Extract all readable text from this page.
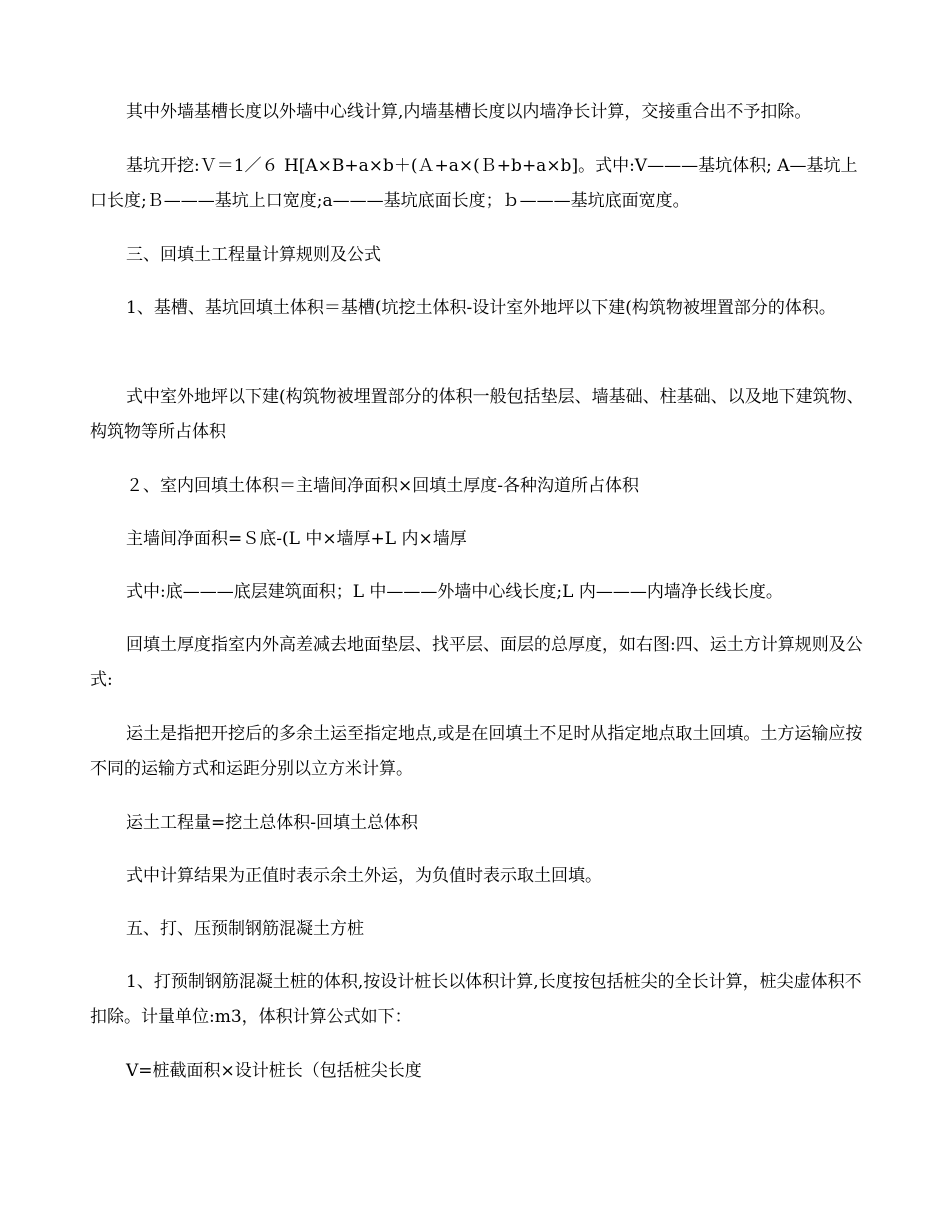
其中外墙基槽长度以外墙中心线计算,内墙基槽长度以内墙净长计算，交接重合出不予扣除。

基坑开挖:Ｖ＝1／６ H[A×B+a×b＋(Ａ+a×(Ｂ+b+a×b]。式中:V———基坑体积; A—基坑上口长度;Ｂ———基坑上口宽度;a———基坑底面长度；ｂ———基坑底面宽度。

三、回填土工程量计算规则及公式

1、基槽、基坑回填土体积＝基槽(坑挖土体积-设计室外地坪以下建(构筑物被埋置部分的体积。

式中室外地坪以下建(构筑物被埋置部分的体积一般包括垫层、墙基础、柱基础、以及地下建筑物、构筑物等所占体积

２、室内回填土体积＝主墙间净面积×回填土厚度-各种沟道所占体积

主墙间净面积=Ｓ底-(L 中×墙厚+L 内×墙厚

式中:底———底层建筑面积；L 中———外墙中心线长度;L 内———内墙净长线长度。

回填土厚度指室内外高差减去地面垫层、找平层、面层的总厚度，如右图:四、运土方计算规则及公式:

运土是指把开挖后的多余土运至指定地点,或是在回填土不足时从指定地点取土回填。土方运输应按不同的运输方式和运距分别以立方米计算。

运土工程量=挖土总体积-回填土总体积

式中计算结果为正值时表示余土外运，为负值时表示取土回填。

五、打、压预制钢筋混凝土方桩

1、打预制钢筋混凝土桩的体积,按设计桩长以体积计算,长度按包括桩尖的全长计算，桩尖虚体积不扣除。计量单位:m3，体积计算公式如下：

V=桩截面积×设计桩长（包括桩尖长度
